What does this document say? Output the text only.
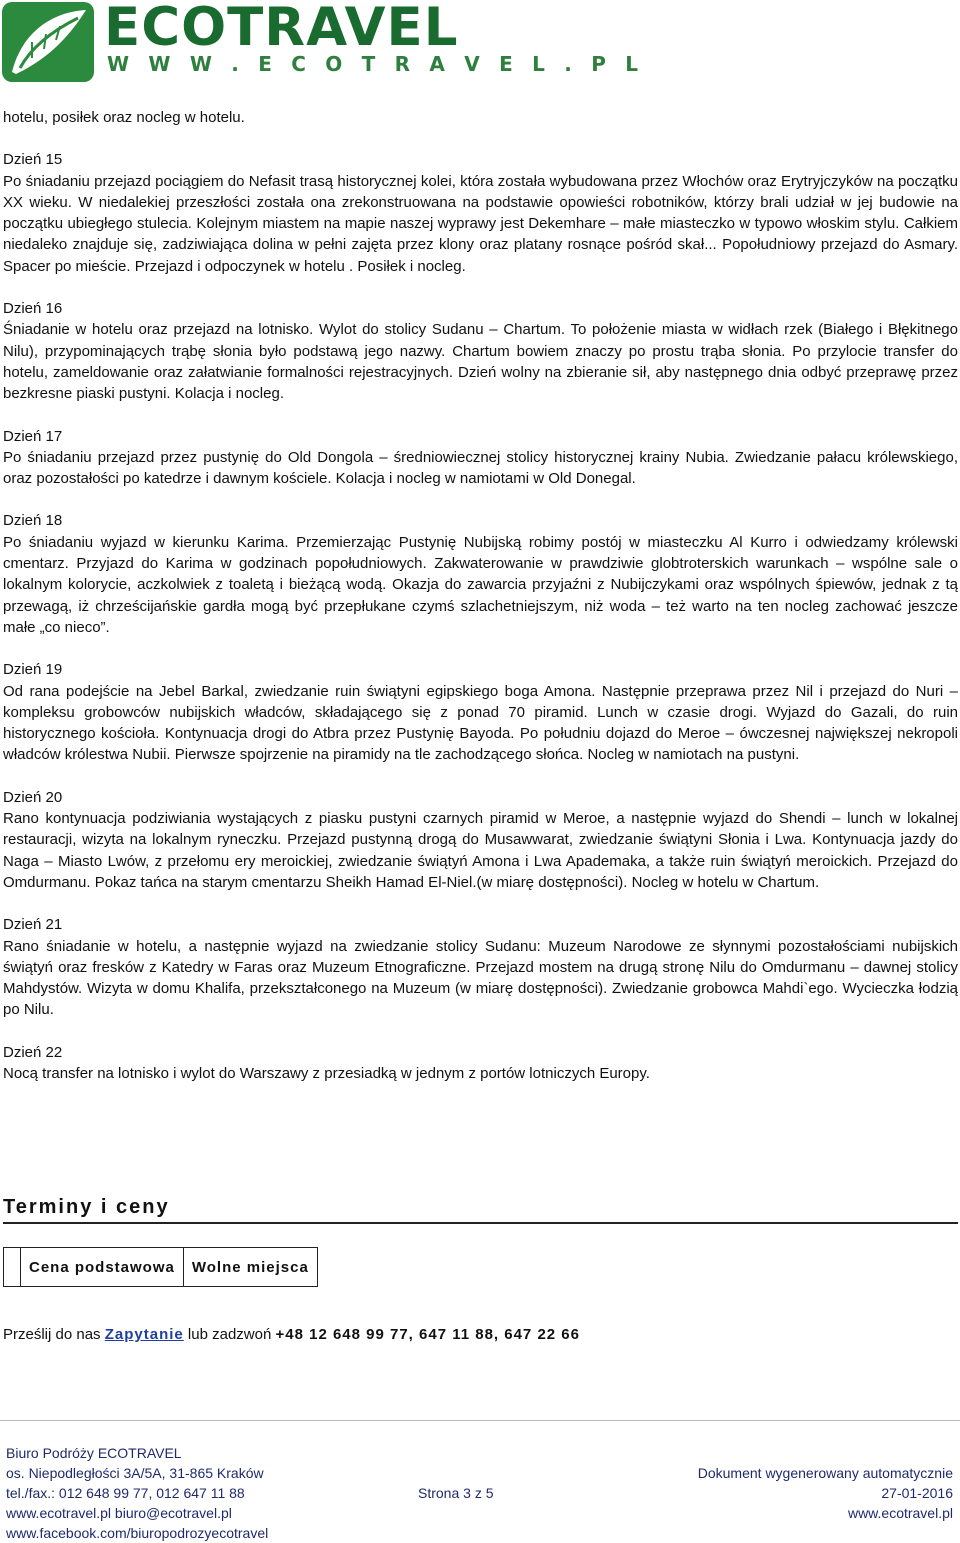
ECOTRAVEL
W W W . E C O T R A V E L . P L

hotelu, posiłek oraz nocleg w hotelu.

Dzień 15

Po śniadaniu przejazd pociągiem do Nefasit trasą historycznej kolei, która została wybudowana przez Włochów oraz Erytryjczyków na początku XX wieku. W niedalekiej przeszłości została ona zrekonstruowana na podstawie opowieści robotników, którzy brali udział w jej budowie na początku ubiegłego stulecia. Kolejnym miastem na mapie naszej wyprawy jest Dekemhare – małe miasteczko w typowo włoskim stylu. Całkiem niedaleko znajduje się, zadziwiająca dolina w pełni zajęta przez klony oraz platany rosnące pośród skał... Popołudniowy przejazd do Asmary. Spacer po mieście. Przejazd i odpoczynek w hotelu . Posiłek i nocleg.

Dzień 16

Śniadanie w hotelu oraz przejazd na lotnisko. Wylot do stolicy Sudanu – Chartum. To położenie miasta w widłach rzek (Białego i Błękitnego Nilu), przypominających trąbę słonia było podstawą jego nazwy. Chartum bowiem znaczy po prostu trąba słonia. Po przylocie transfer do hotelu, zameldowanie oraz załatwianie formalności rejestracyjnych. Dzień wolny na zbieranie sił, aby następnego dnia odbyć przeprawę przez bezkresne piaski pustyni. Kolacja i nocleg.

Dzień 17

Po śniadaniu przejazd przez pustynię do Old Dongola – średniowiecznej stolicy historycznej krainy Nubia. Zwiedzanie pałacu królewskiego, oraz pozostałości po katedrze i dawnym kościele. Kolacja i nocleg w namiotami w Old Donegal.

Dzień 18

Po śniadaniu wyjazd w kierunku Karima. Przemierzając Pustynię Nubijską robimy postój w miasteczku Al Kurro i odwiedzamy królewski cmentarz. Przyjazd do Karima w godzinach popołudniowych. Zakwaterowanie w prawdziwie globtroterskich warunkach – wspólne sale o lokalnym kolorycie, aczkolwiek z toaletą i bieżącą wodą. Okazja do zawarcia przyjaźni z Nubijczykami oraz wspólnych śpiewów, jednak z tą przewagą, iż chrześcijańskie gardła mogą być przepłukane czymś szlachetniejszym, niż woda – też warto na ten nocleg zachować jeszcze małe „co nieco”.

Dzień 19

Od rana podejście na Jebel Barkal, zwiedzanie ruin świątyni egipskiego boga Amona. Następnie przeprawa przez Nil i przejazd do Nuri – kompleksu grobowców nubijskich władców, składającego się z ponad 70 piramid. Lunch w czasie drogi. Wyjazd do Gazali, do ruin historycznego kościoła. Kontynuacja drogi do Atbra przez Pustynię Bayoda. Po południu dojazd do Meroe – ówczesnej największej nekropoli władców królestwa Nubii. Pierwsze spojrzenie na piramidy na tle zachodzącego słońca. Nocleg w namiotach na pustyni.

Dzień 20

Rano kontynuacja podziwiania wystających z piasku pustyni czarnych piramid w Meroe, a następnie wyjazd do Shendi – lunch w lokalnej restauracji, wizyta na lokalnym ryneczku. Przejazd pustynną drogą do Musawwarat, zwiedzanie świątyni Słonia i Lwa. Kontynuacja jazdy do Naga – Miasto Lwów, z przełomu ery meroickiej, zwiedzanie świątyń Amona i Lwa Apademaka, a także ruin świątyń meroickich. Przejazd do Omdurmanu. Pokaz tańca na starym cmentarzu Sheikh Hamad El-Niel.(w miarę dostępności). Nocleg w hotelu w Chartum.

Dzień 21

Rano śniadanie w hotelu, a następnie wyjazd na zwiedzanie stolicy Sudanu: Muzeum Narodowe ze słynnymi pozostałościami nubijskich świątyń oraz fresków z Katedry w Faras oraz Muzeum Etnograficzne. Przejazd mostem na drugą stronę Nilu do Omdurmanu – dawnej stolicy Mahdystów. Wizyta w domu Khalifa, przekształconego na Muzeum (w miarę dostępności). Zwiedzanie grobowca Mahdi`ego. Wycieczka łodzią po Nilu.

Dzień 22

Nocą transfer na lotnisko i wylot do Warszawy z przesiadką w jednym z portów lotniczych Europy.

Terminy i ceny
	Cena podstawowa	Wolne miejsca
Prześlij do nas Zapytanie lub zadzwoń +48 12 648 99 77, 647 11 88, 647 22 66
Biuro Podróży ECOTRAVEL
os. Niepodległości 3A/5A, 31-865 Kraków
tel./fax.: 012 648 99 77, 012 647 11 88
www.ecotravel.pl biuro@ecotravel.pl
www.facebook.com/biuropodrozyecotravel
Strona 3 z 5
Dokument wygenerowany automatycznie
27-01-2016
www.ecotravel.pl
